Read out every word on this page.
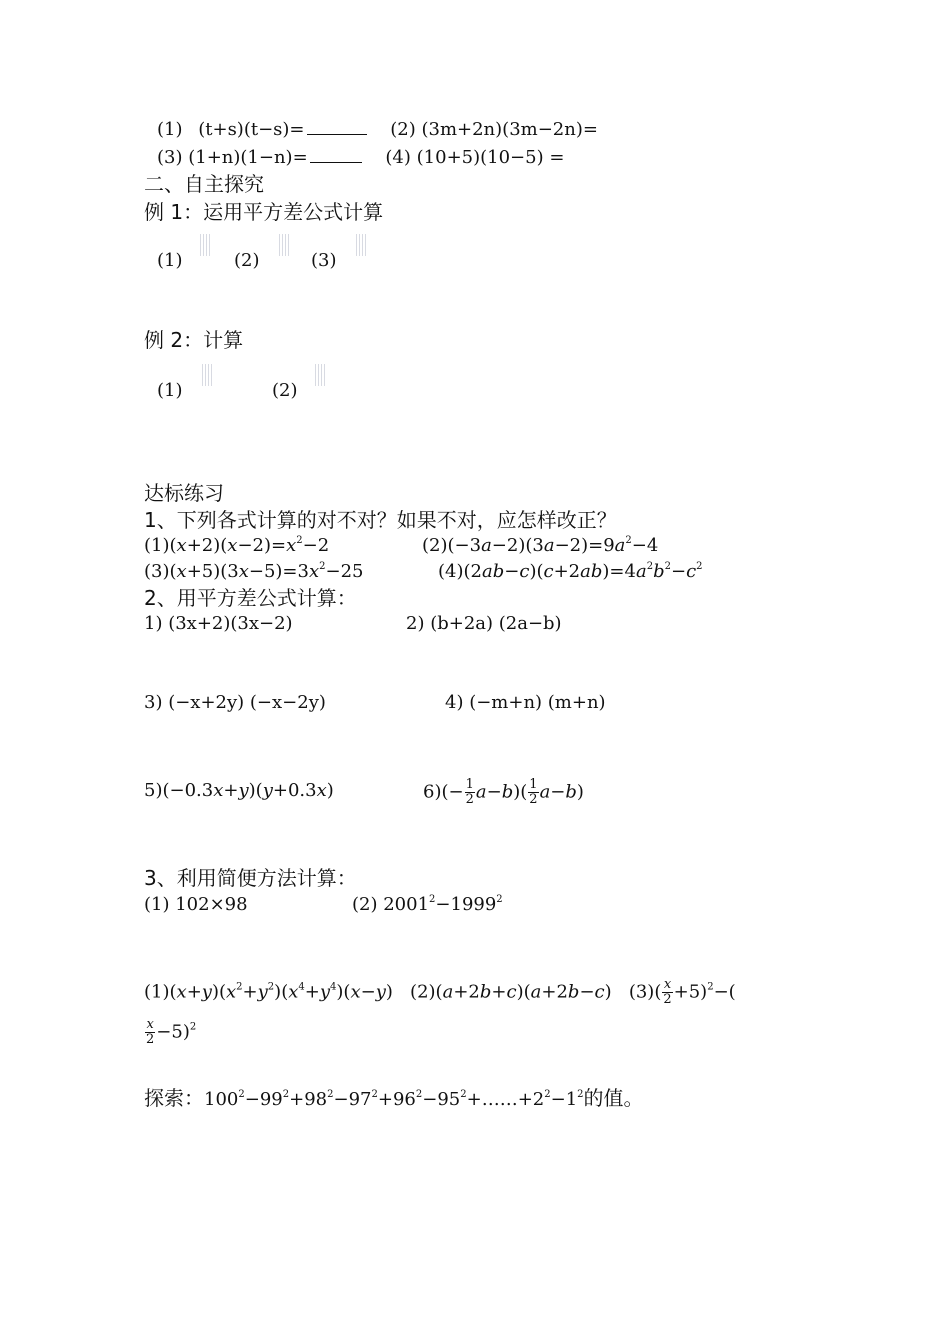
(1) (t+s)(t−s)=	(2) (3m+2n)(3m−2n)=
(3) (1+n)(1−n)=	(4) (10+5)(10−5) =
二、自主探究
例 1：运用平方差公式计算
(1)	(2)	(3)
例 2：计算
(1)	(2)
达标练习
1、下列各式计算的对不对？如果不对，应怎样改正？
$(1)(x+2)(x-2)=x^2-2$	$(2)(-3a-2)(3a-2)=9a^2-4$
$(3)(x+5)(3x-5)=3x^2-25$	$(4)(2ab-c)(c+2ab)=4a^2b^2-c^2$
2、用平方差公式计算：
1) (3x+2)(3x−2)	2) (b+2a) (2a−b)
3) (−x+2y) (−x−2y)	4) (−m+n) (m+n)
5)(−0.3x+y)(y+0.3x)	$6)(- \frac{1}{2} a-b)( \frac{1}{2} a-b)$
3、利用简便方法计算：
(1) 102×98	(2) $2001^2-1999^2$
$(1)(x+y)(x^2+y^2)(x^4+y^4)(x-y)$   (2)(a+2b+c)(a+2b−c)   $(3)( \frac{x}{2} +5)^2-$(
$\frac{x}{2} -5)^2$
探索：$100^2-99^2+98^2-97^2+96^2-95^2+\dots\dots+2^2-1^2$的值。
